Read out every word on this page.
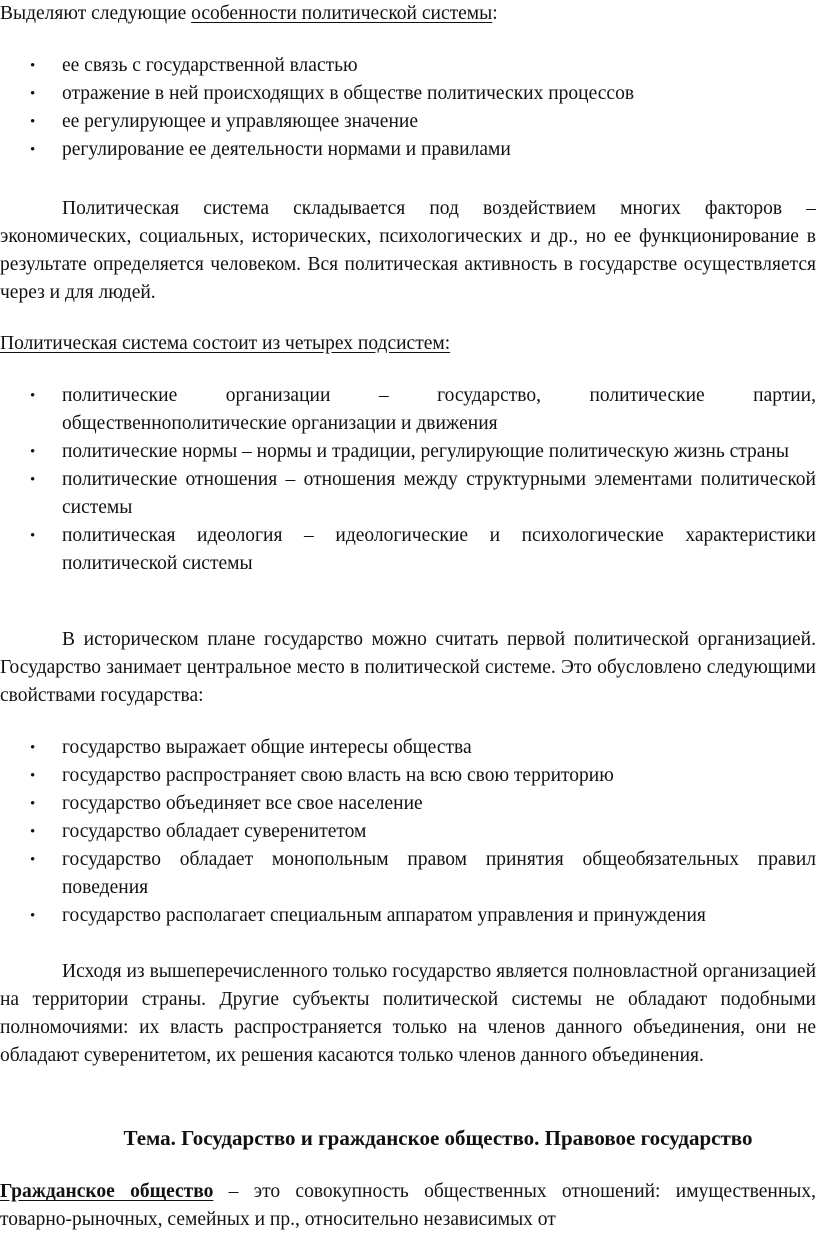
Выделяют следующие особенности политической системы:

• ее связь с государственной властью
• отражение в ней происходящих в обществе политических процессов
• ее регулирующее и управляющее значение
• регулирование ее деятельности нормами и правилами

Политическая система складывается под воздействием многих факторов – экономических, социальных, исторических, психологических и др., но ее функционирование в результате определяется человеком. Вся политическая активность в государстве осуществляется через и для людей.

Политическая система состоит из четырех подсистем:

• политические организации – государство, политические партии, общественнополитические организации и движения
• политические нормы – нормы и традиции, регулирующие политическую жизнь страны
• политические отношения – отношения между структурными элементами политической системы
• политическая идеология – идеологические и психологические характеристики политической системы

В историческом плане государство можно считать первой политической организацией. Государство занимает центральное место в политической системе. Это обусловлено следующими свойствами государства:

• государство выражает общие интересы общества
• государство распространяет свою власть на всю свою территорию
• государство объединяет все свое население
• государство обладает суверенитетом
• государство обладает монопольным правом принятия общеобязательных правил поведения
• государство располагает специальным аппаратом управления и принуждения

Исходя из вышеперечисленного только государство является полновластной организацией на территории страны. Другие субъекты политической системы не обладают подобными полномочиями: их власть распространяется только на членов данного объединения, они не обладают суверенитетом, их решения касаются только членов данного объединения.

Тема. Государство и гражданское общество. Правовое государство

Гражданское общество – это совокупность общественных отношений: имущественных, товарно-рыночных, семейных и пр., относительно независимых от
